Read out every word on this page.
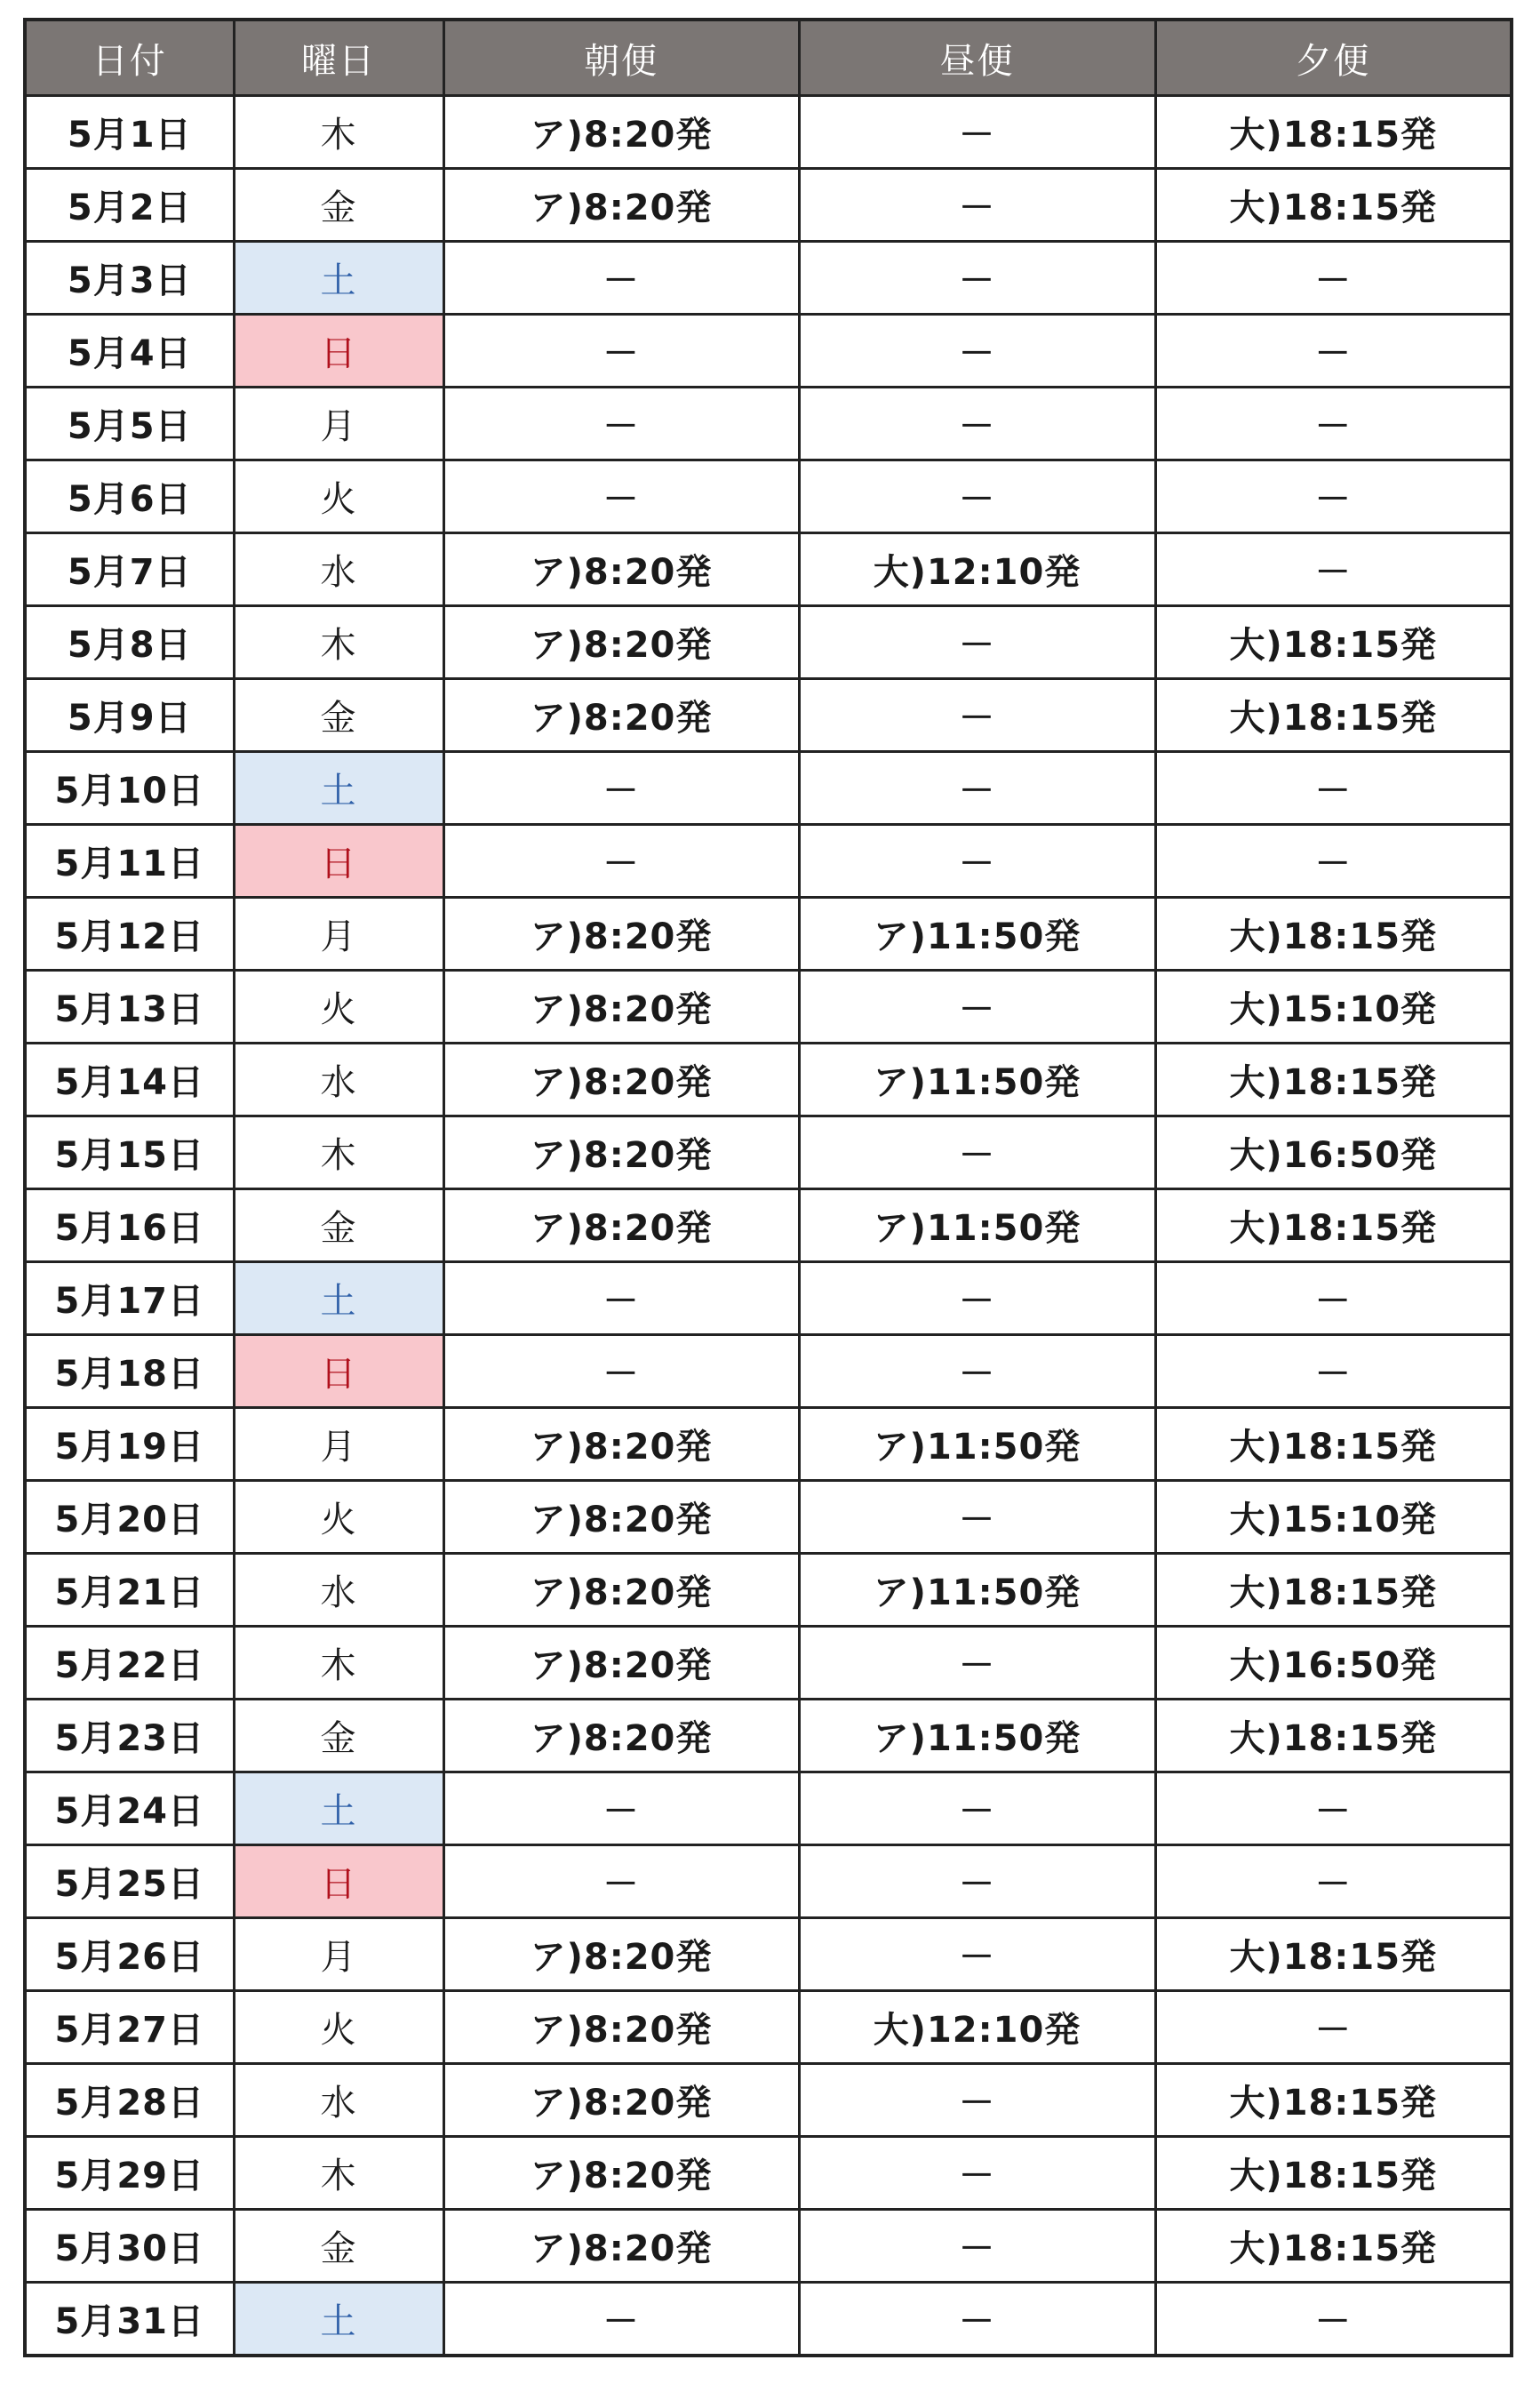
日付	曜日	朝便	昼便	夕便
5月1日	木	ア)8:20発	－	大)18:15発
5月2日	金	ア)8:20発	－	大)18:15発
5月3日	土	－	－	－
5月4日	日	－	－	－
5月5日	月	－	－	－
5月6日	火	－	－	－
5月7日	水	ア)8:20発	大)12:10発	－
5月8日	木	ア)8:20発	－	大)18:15発
5月9日	金	ア)8:20発	－	大)18:15発
5月10日	土	－	－	－
5月11日	日	－	－	－
5月12日	月	ア)8:20発	ア)11:50発	大)18:15発
5月13日	火	ア)8:20発	－	大)15:10発
5月14日	水	ア)8:20発	ア)11:50発	大)18:15発
5月15日	木	ア)8:20発	－	大)16:50発
5月16日	金	ア)8:20発	ア)11:50発	大)18:15発
5月17日	土	－	－	－
5月18日	日	－	－	－
5月19日	月	ア)8:20発	ア)11:50発	大)18:15発
5月20日	火	ア)8:20発	－	大)15:10発
5月21日	水	ア)8:20発	ア)11:50発	大)18:15発
5月22日	木	ア)8:20発	－	大)16:50発
5月23日	金	ア)8:20発	ア)11:50発	大)18:15発
5月24日	土	－	－	－
5月25日	日	－	－	－
5月26日	月	ア)8:20発	－	大)18:15発
5月27日	火	ア)8:20発	大)12:10発	－
5月28日	水	ア)8:20発	－	大)18:15発
5月29日	木	ア)8:20発	－	大)18:15発
5月30日	金	ア)8:20発	－	大)18:15発
5月31日	土	－	－	－
